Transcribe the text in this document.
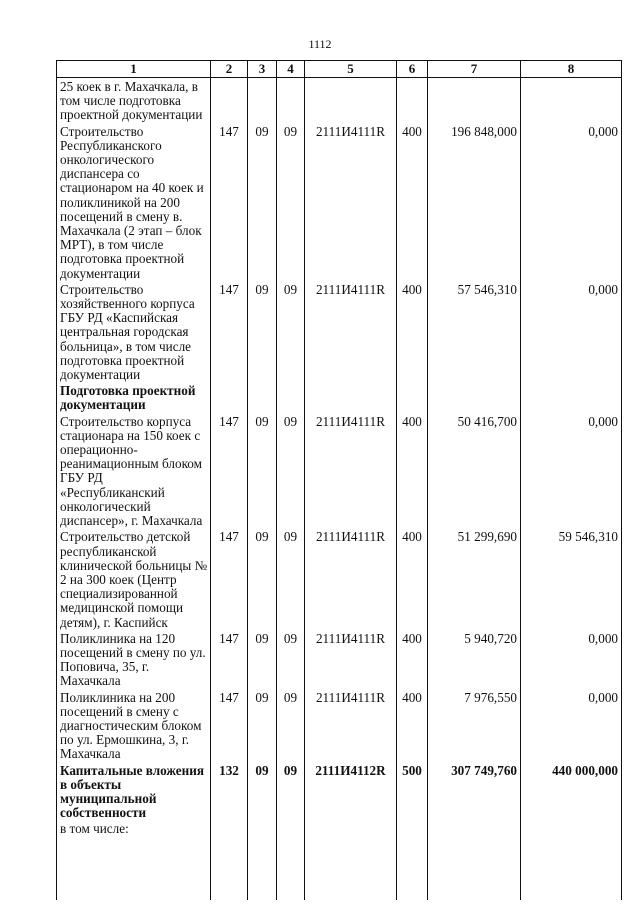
1112
1	2	3	4	5	6	7	8
25 коек в г. Махачкала, в том числе подготовка проектной документации							
Строительство Республиканского онкологического диспансера со стационаром на 40 коек и поликлиникой на 200 посещений в смену в. Махачкала (2 этап – блок МРТ), в том числе подготовка проектной документации	147	09	09	2111И4111R	400	196 848,000	0,000
Строительство хозяйственного корпуса ГБУ РД «Каспийская центральная городская больница», в том числе подготовка проектной документации	147	09	09	2111И4111R	400	57 546,310	0,000
Подготовка проектной документации							
Строительство корпуса стационара на 150 коек с операционно-реанимационным блоком ГБУ РД «Республиканский онкологический диспансер», г. Махачкала	147	09	09	2111И4111R	400	50 416,700	0,000
Строительство детской республиканской клинической больницы № 2 на 300 коек (Центр специализированной медицинской помощи детям), г. Каспийск	147	09	09	2111И4111R	400	51 299,690	59 546,310
Поликлиника на 120 посещений в смену по ул. Поповича, 35, г. Махачкала	147	09	09	2111И4111R	400	5 940,720	0,000
Поликлиника на 200 посещений в смену с диагностическим блоком по ул. Ермошкина, 3, г. Махачкала	147	09	09	2111И4111R	400	7 976,550	0,000
Капитальные вложения в объекты муниципальной собственности	132	09	09	2111И4112R	500	307 749,760	440 000,000
в том числе:							
